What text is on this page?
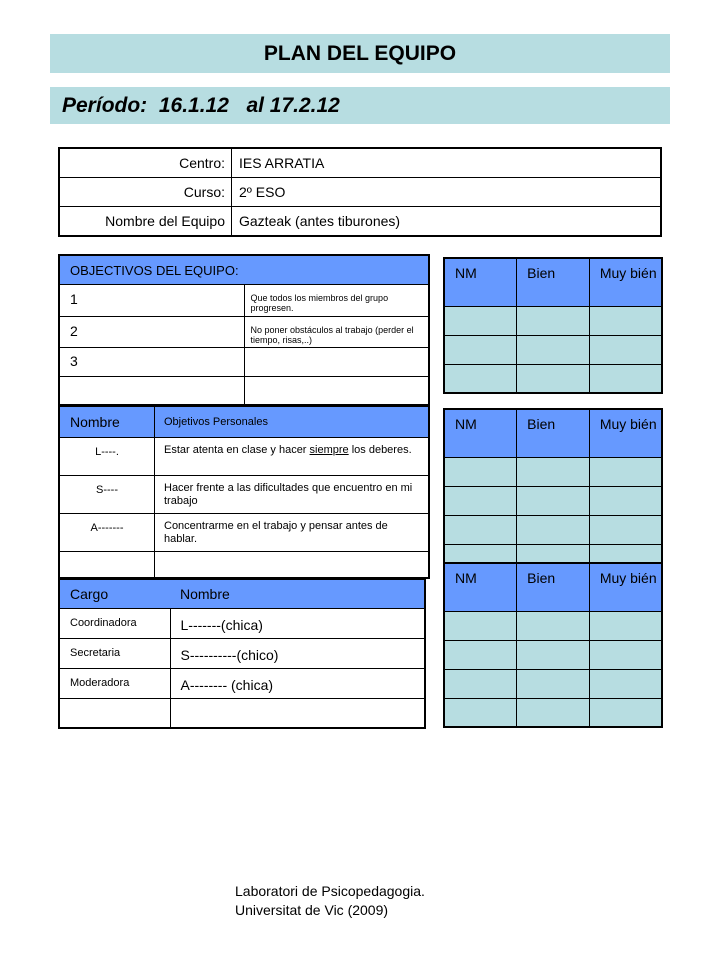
PLAN DEL EQUIPO
Período: 16.1.12 al 17.2.12
Centro:	IES ARRATIA
Curso:	2º ESO
Nombre del Equipo	Gazteak (antes tiburones)
OBJECTIVOS DEL EQUIPO:	
1	Que todos los miembros del grupo progresen.
2	No poner obstáculos al trabajo (perder el tiempo, risas,..)
3	

Nombre	Objetivos Personales
L----.	Estar atenta en clase y hacer siempre los deberes.
S----	Hacer frente a las dificultades que encuentro en mi trabajo
A-------	Concentrarme en el trabajo y pensar antes de hablar.

Cargo	Nombre
Coordinadora	L-------(chica)
Secretaria	S----------(chico)
Moderadora	A-------- (chica)

NM	Bien	Muy bién

NM	Bien	Muy bién

NM	Bien	Muy bién

Laboratori de Psicopedagogia.
Universitat de Vic (2009)
